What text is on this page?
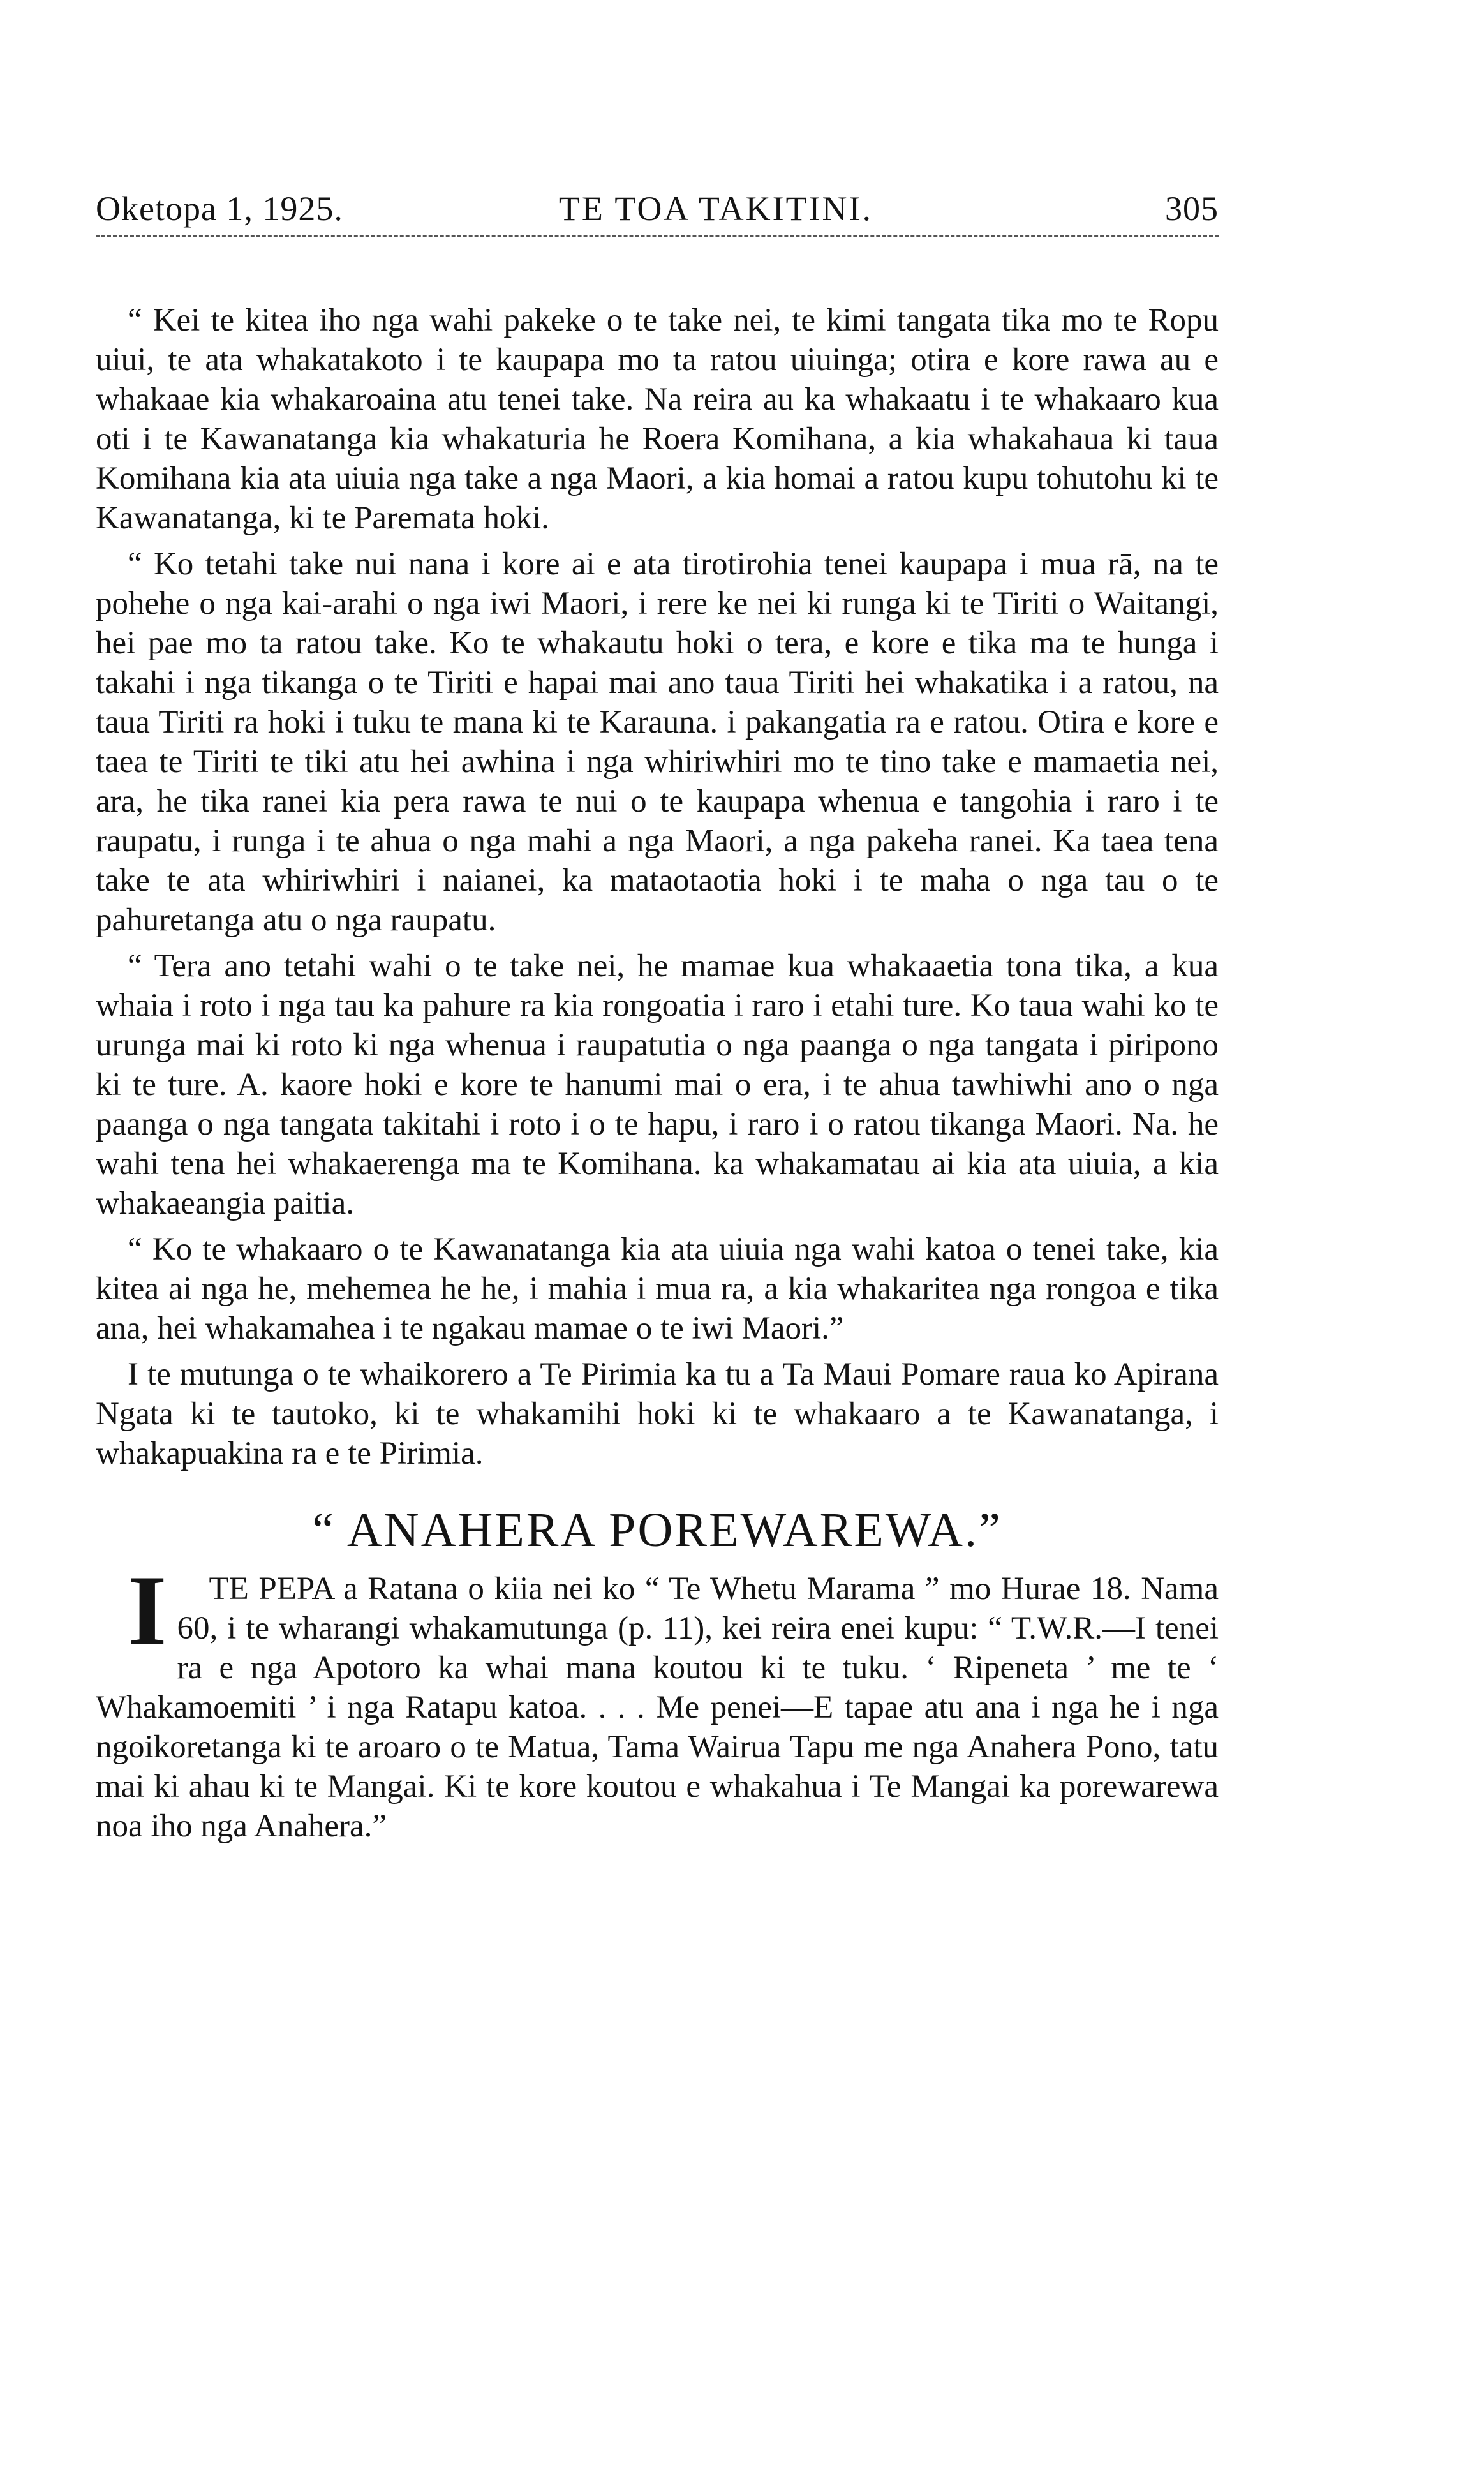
Oketopa 1, 1925.	TE TOA TAKITINI.	305

“ Kei te kitea iho nga wahi pakeke o te take nei, te kimi tangata tika mo te Ropu uiui, te ata whakatakoto i te kaupapa mo ta ratou uiuinga; otira e kore rawa au e whakaae kia whakaroaina atu tenei take. Na reira au ka whakaatu i te whakaaro kua oti i te Kawanatanga kia whakaturia he Roera Komihana, a kia whakahaua ki taua Komihana kia ata uiuia nga take a nga Maori, a kia homai a ratou kupu tohutohu ki te Kawanatanga, ki te Paremata hoki.

“ Ko tetahi take nui nana i kore ai e ata tirotirohia tenei kaupapa i mua rā, na te pohehe o nga kai-arahi o nga iwi Maori, i rere ke nei ki runga ki te Tiriti o Waitangi, hei pae mo ta ratou take. Ko te whakautu hoki o tera, e kore e tika ma te hunga i takahi i nga tikanga o te Tiriti e hapai mai ano taua Tiriti hei whakatika i a ratou, na taua Tiriti ra hoki i tuku te mana ki te Karauna. i pakangatia ra e ratou. Otira e kore e taea te Tiriti te tiki atu hei awhina i nga whiriwhiri mo te tino take e mamaetia nei, ara, he tika ranei kia pera rawa te nui o te kaupapa whenua e tangohia i raro i te raupatu, i runga i te ahua o nga mahi a nga Maori, a nga pakeha ranei. Ka taea tena take te ata whiriwhiri i naianei, ka mataotaotia hoki i te maha o nga tau o te pahuretanga atu o nga raupatu.

“ Tera ano tetahi wahi o te take nei, he mamae kua whakaaetia tona tika, a kua whaia i roto i nga tau ka pahure ra kia rongoatia i raro i etahi ture. Ko taua wahi ko te urunga mai ki roto ki nga whenua i raupatutia o nga paanga o nga tangata i piripono ki te ture. A. kaore hoki e kore te hanumi mai o era, i te ahua tawhiwhi ano o nga paanga o nga tangata takitahi i roto i o te hapu, i raro i o ratou tikanga Maori. Na. he wahi tena hei whakaerenga ma te Komihana. ka whakamatau ai kia ata uiuia, a kia whakaeangia paitia.

“ Ko te whakaaro o te Kawanatanga kia ata uiuia nga wahi katoa o tenei take, kia kitea ai nga he, mehemea he he, i mahia i mua ra, a kia whakaritea nga rongoa e tika ana, hei whakamahea i te ngakau mamae o te iwi Maori.”

I te mutunga o te whaikorero a Te Pirimia ka tu a Ta Maui Pomare raua ko Apirana Ngata ki te tautoko, ki te whakamihi hoki ki te whakaaro a te Kawanatanga, i whakapuakina ra e te Pirimia.

“ ANAHERA POREWAREWA.”

I TE PEPA a Ratana o kiia nei ko “ Te Whetu Marama ” mo Hurae 18. Nama 60, i te wharangi whakamutunga (p. 11), kei reira enei kupu: “ T.W.R.—I tenei ra e nga Apotoro ka whai mana koutou ki te tuku. ‘ Ripeneta ’ me te ‘ Whakamoemiti ’ i nga Ratapu katoa. . . . Me penei—E tapae atu ana i nga he i nga ngoikoretanga ki te aroaro o te Matua, Tama Wairua Tapu me nga Anahera Pono, tatu mai ki ahau ki te Mangai. Ki te kore koutou e whakahua i Te Mangai ka porewarewa noa iho nga Anahera.”
